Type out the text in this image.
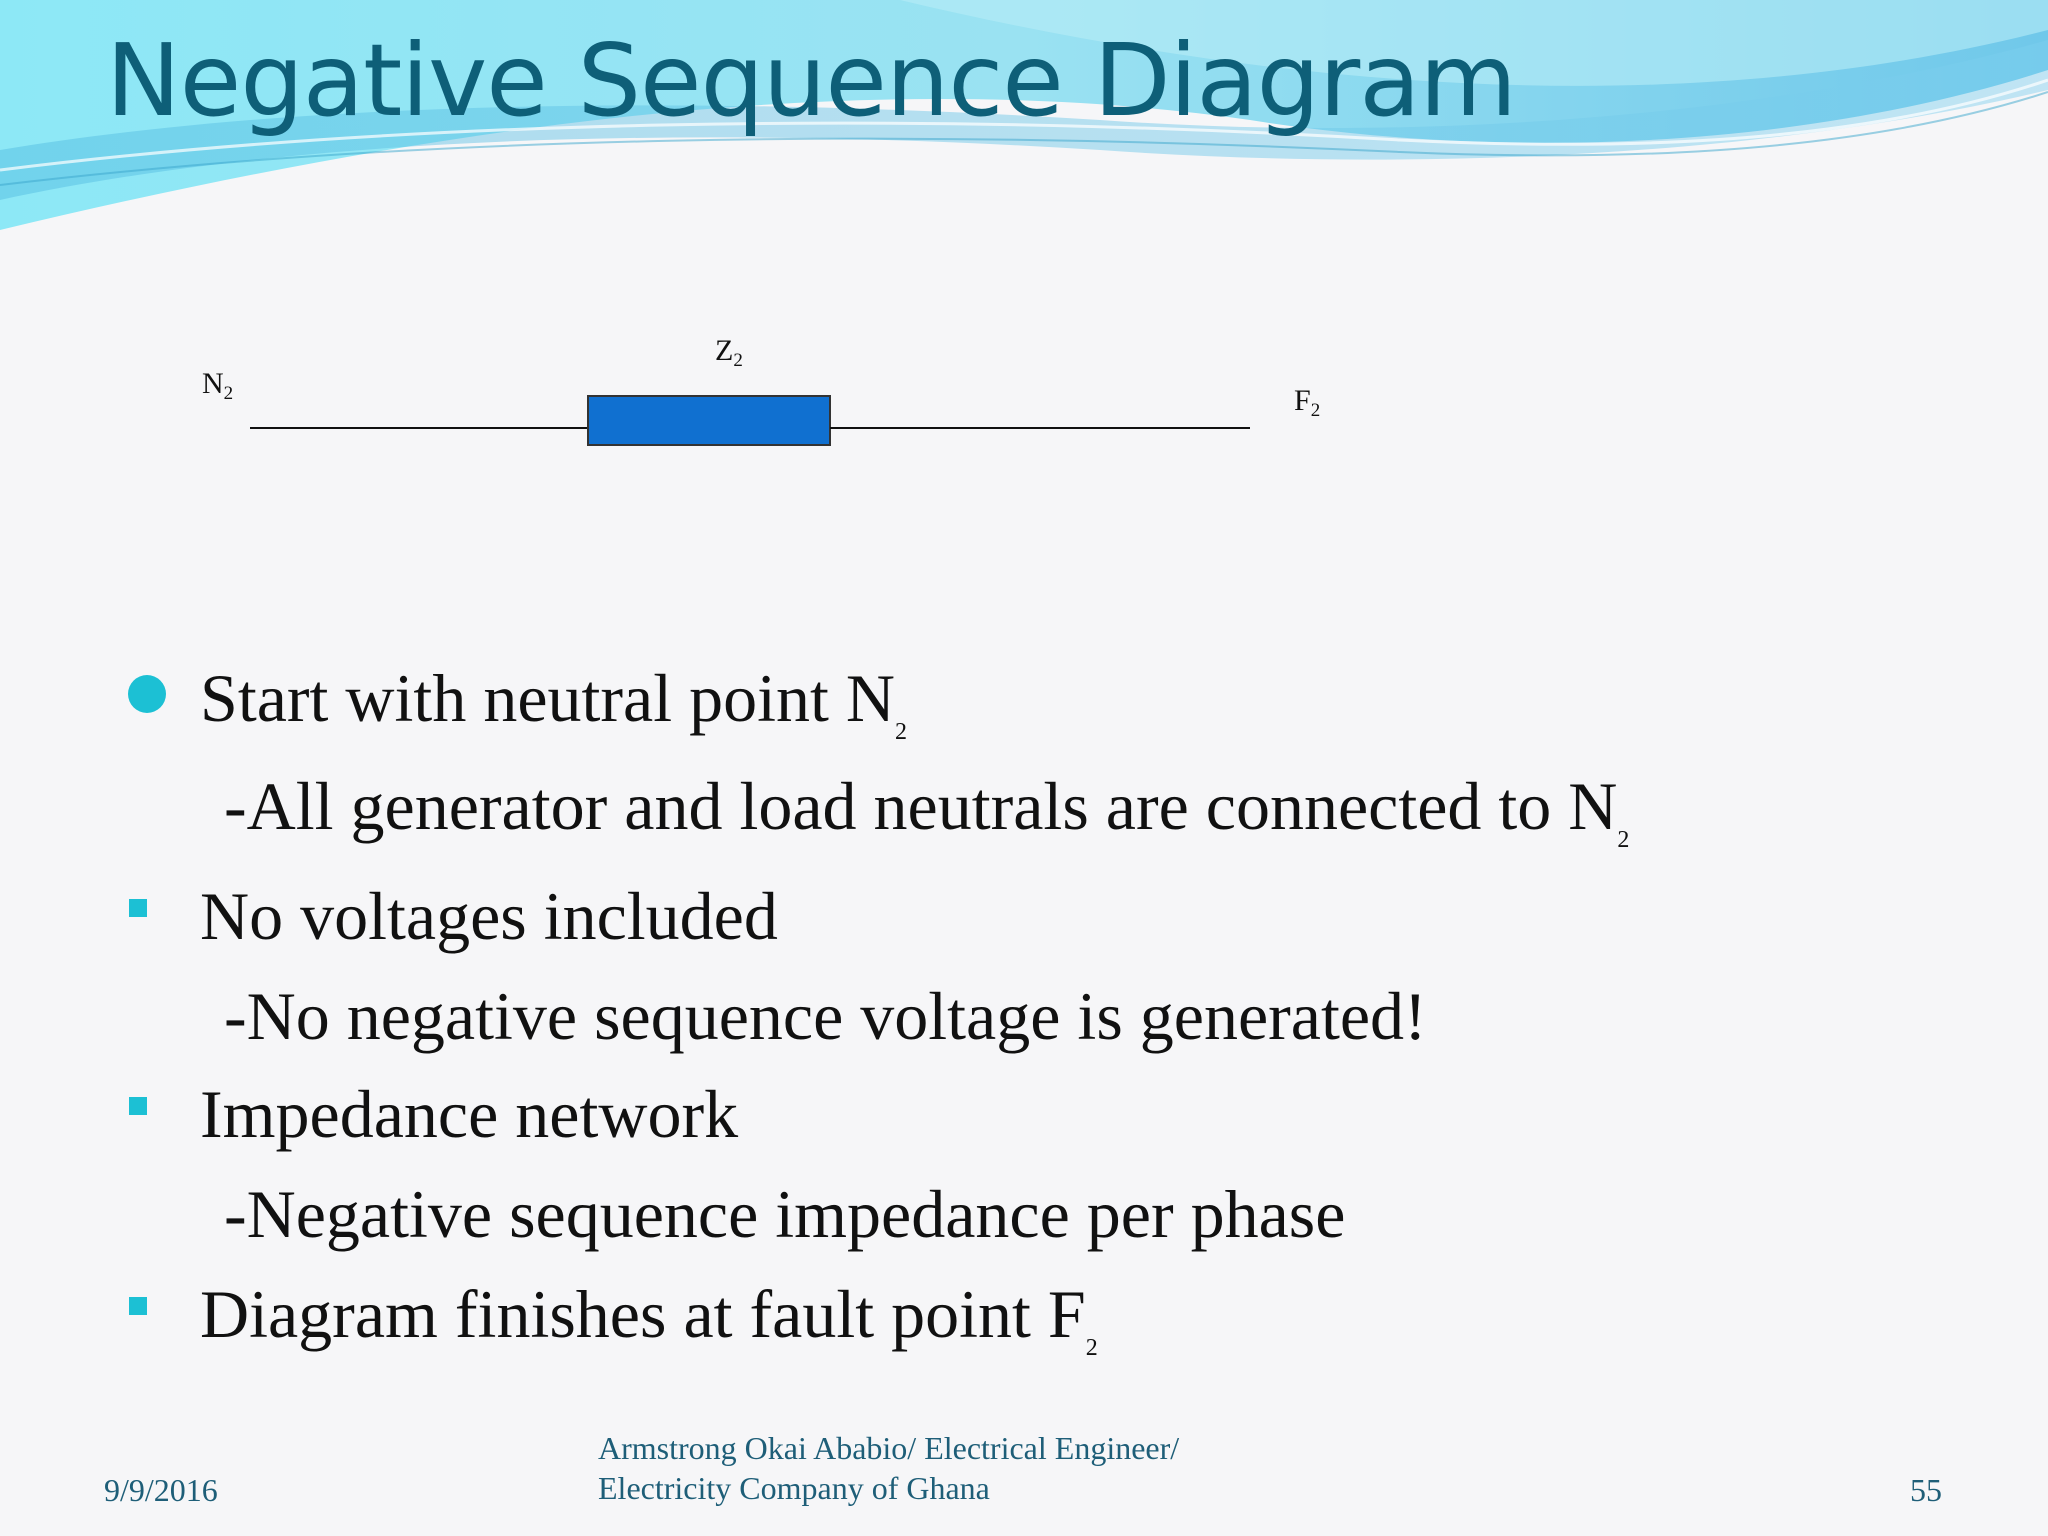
Negative Sequence Diagram
N2
Z2
F2
Start with neutral point $N_2$
-All generator and load neutrals are connected to $N_2$
No voltages included
-No negative sequence voltage is generated!
Impedance network
-Negative sequence impedance per phase
Diagram finishes at fault point $F_2$
9/9/2016
Armstrong Okai Ababio/ Electrical Engineer/
Electricity Company of Ghana	55
